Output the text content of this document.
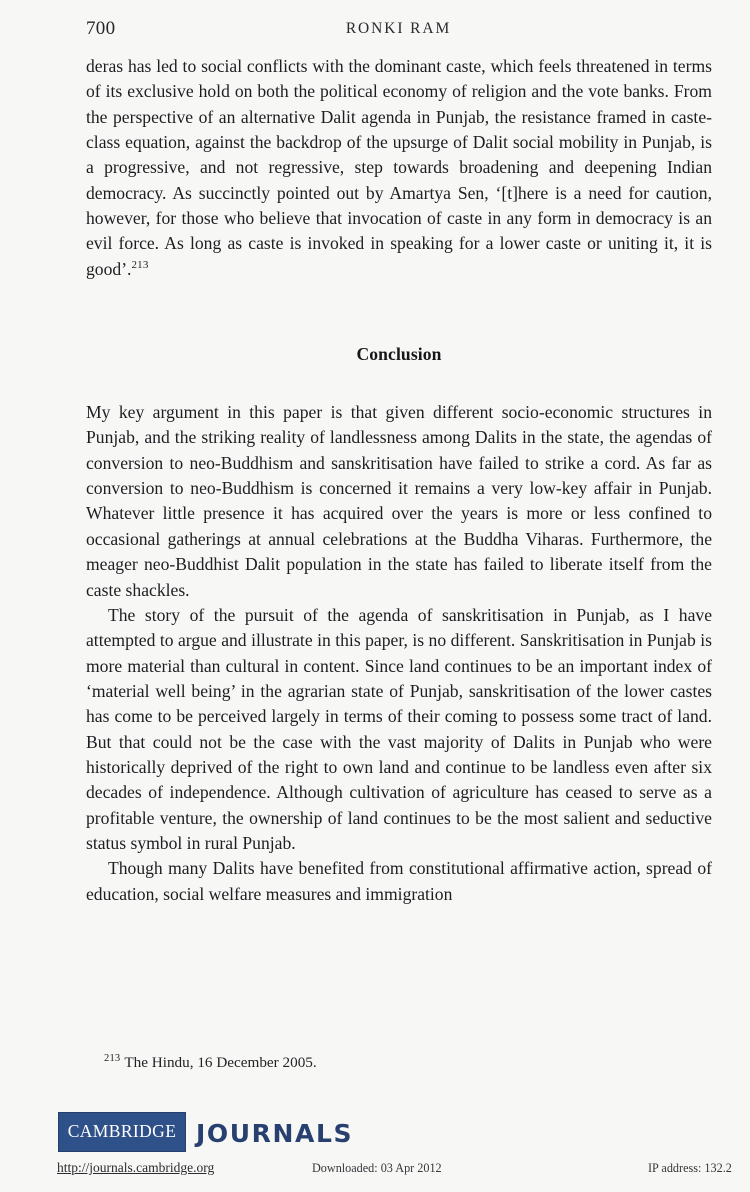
700	RONKI RAM

deras has led to social conflicts with the dominant caste, which feels threatened in terms of its exclusive hold on both the political economy of religion and the vote banks. From the perspective of an alternative Dalit agenda in Punjab, the resistance framed in caste-class equation, against the backdrop of the upsurge of Dalit social mobility in Punjab, is a progressive, and not regressive, step towards broadening and deepening Indian democracy. As succinctly pointed out by Amartya Sen, ‘[t]here is a need for caution, however, for those who believe that invocation of caste in any form in democracy is an evil force. As long as caste is invoked in speaking for a lower caste or uniting it, it is good’.$^{213}$

Conclusion

My key argument in this paper is that given different socio-economic structures in Punjab, and the striking reality of landlessness among Dalits in the state, the agendas of conversion to neo-Buddhism and sanskritisation have failed to strike a cord. As far as conversion to neo-Buddhism is concerned it remains a very low-key affair in Punjab. Whatever little presence it has acquired over the years is more or less confined to occasional gatherings at annual celebrations at the Buddha Viharas. Furthermore, the meager neo-Buddhist Dalit population in the state has failed to liberate itself from the caste shackles.

The story of the pursuit of the agenda of sanskritisation in Punjab, as I have attempted to argue and illustrate in this paper, is no different. Sanskritisation in Punjab is more material than cultural in content. Since land continues to be an important index of ‘material well being’ in the agrarian state of Punjab, sanskritisation of the lower castes has come to be perceived largely in terms of their coming to possess some tract of land. But that could not be the case with the vast majority of Dalits in Punjab who were historically deprived of the right to own land and continue to be landless even after six decades of independence. Although cultivation of agriculture has ceased to serve as a profitable venture, the ownership of land continues to be the most salient and seductive status symbol in rural Punjab.

Though many Dalits have benefited from constitutional affirmative action, spread of education, social welfare measures and immigration

$^{213}$ The Hindu, 16 December 2005.
CAMBRIDGE JOURNALS
http://journals.cambridge.org	Downloaded: 03 Apr 2012	IP address: 132.2
